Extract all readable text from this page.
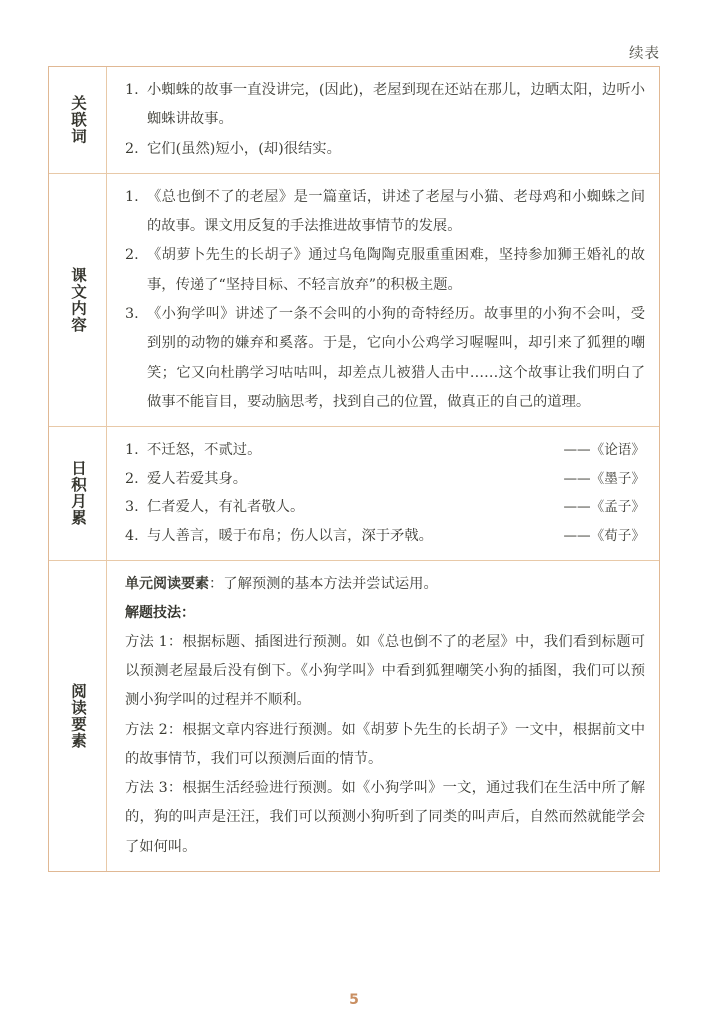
续表
关联词
1. 小蜘蛛的故事一直没讲完，(因此)，老屋到现在还站在那儿，边晒太阳，边听小蜘蛛讲故事。
2. 它们(虽然)短小，(却)很结实。
课文内容
1. 《总也倒不了的老屋》是一篇童话，讲述了老屋与小猫、老母鸡和小蜘蛛之间的故事。课文用反复的手法推进故事情节的发展。
2. 《胡萝卜先生的长胡子》通过乌龟陶陶克服重重困难，坚持参加狮王婚礼的故事，传递了“坚持目标、不轻言放弃”的积极主题。
3. 《小狗学叫》讲述了一条不会叫的小狗的奇特经历。故事里的小狗不会叫，受到别的动物的嫌弃和奚落。于是，它向小公鸡学习喔喔叫，却引来了狐狸的嘲笑；它又向杜鹃学习咕咕叫，却差点儿被猎人击中……这个故事让我们明白了做事不能盲目，要动脑思考，找到自己的位置，做真正的自己的道理。
日积月累
1. 不迁怒，不贰过。	——《论语》
2. 爱人若爱其身。	——《墨子》
3. 仁者爱人，有礼者敬人。	——《孟子》
4. 与人善言，暖于布帛；伤人以言，深于矛戟。	——《荀子》
阅读要素
单元阅读要素：了解预测的基本方法并尝试运用。
解题技法：
方法 1：根据标题、插图进行预测。如《总也倒不了的老屋》中，我们看到标题可以预测老屋最后没有倒下。《小狗学叫》中看到狐狸嘲笑小狗的插图，我们可以预测小狗学叫的过程并不顺利。
方法 2：根据文章内容进行预测。如《胡萝卜先生的长胡子》一文中，根据前文中的故事情节，我们可以预测后面的情节。
方法 3：根据生活经验进行预测。如《小狗学叫》一文，通过我们在生活中所了解的，狗的叫声是汪汪，我们可以预测小狗听到了同类的叫声后，自然而然就能学会了如何叫。
5
